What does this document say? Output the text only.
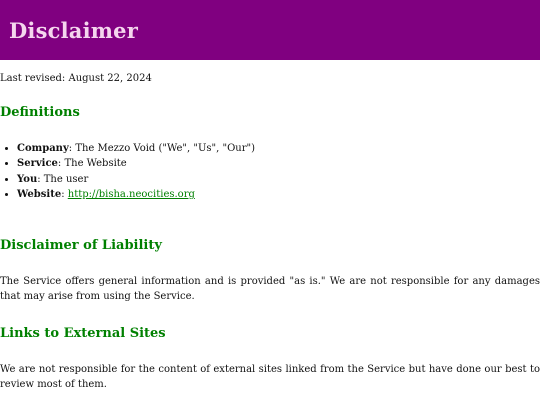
Disclaimer

Last revised: August 22, 2024

Definitions
• Company: The Mezzo Void ("We", "Us", "Our")
• Service: The Website
• You: The user
• Website: http://bisha.neocities.org
Disclaimer of Liability

The Service offers general information and is provided "as is." We are not responsible for any damages that may arise from using the Service.

Links to External Sites

We are not responsible for the content of external sites linked from the Service but have done our best to review most of them.
